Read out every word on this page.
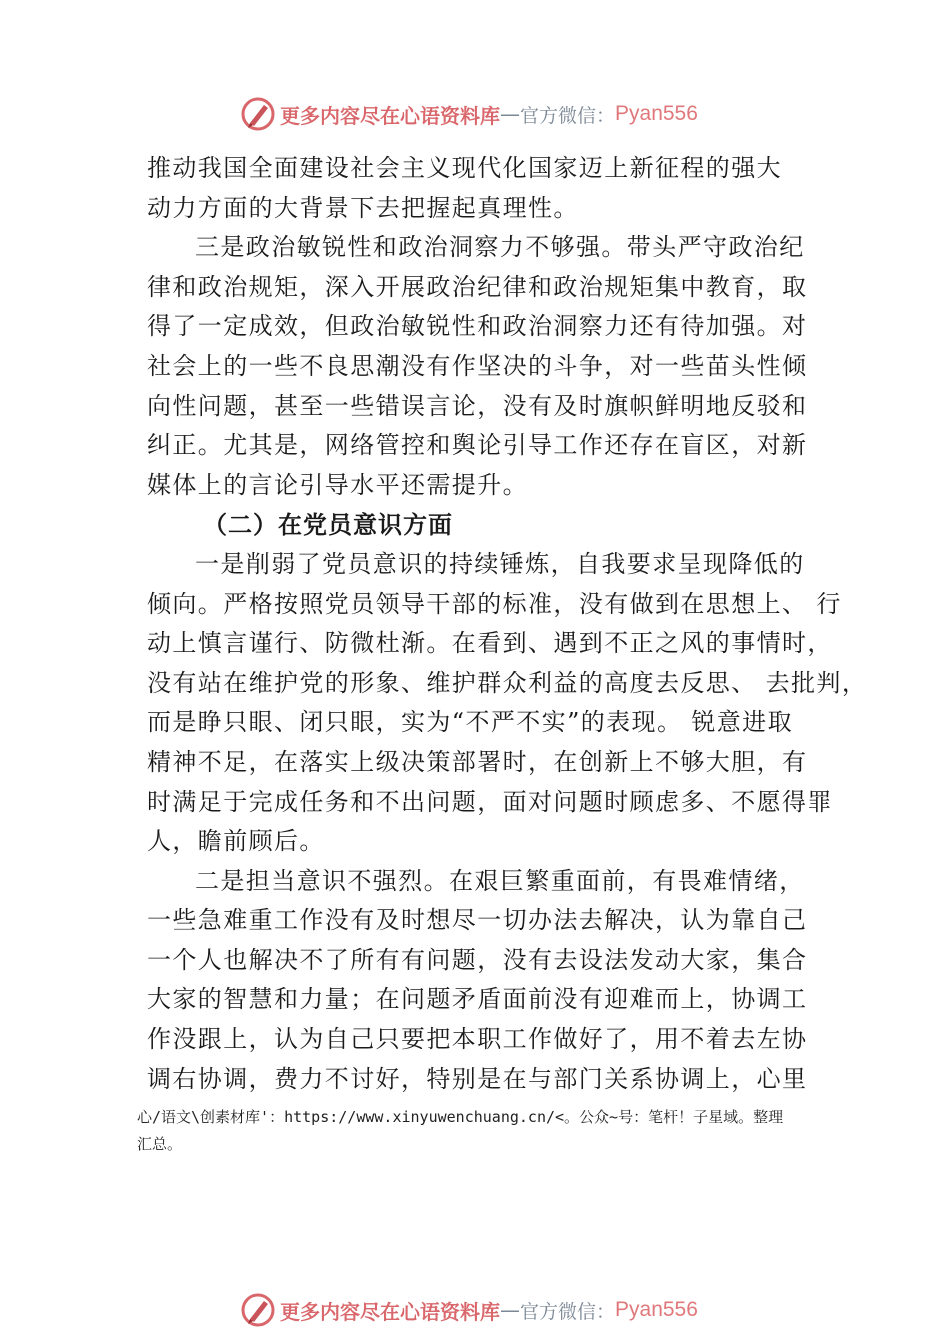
更多内容尽在心语资料库 — 官方微信： Pyan556
推动我国全面建设社会主义现代化国家迈上新征程的强大
动力方面的大背景下去把握起真理性。
三是政治敏锐性和政治洞察力不够强。带头严守政治纪
律和政治规矩，深入开展政治纪律和政治规矩集中教育，取
得了一定成效，但政治敏锐性和政治洞察力还有待加强。对
社会上的一些不良思潮没有作坚决的斗争，对一些苗头性倾
向性问题，甚至一些错误言论，没有及时旗帜鲜明地反驳和
纠正。尤其是，网络管控和舆论引导工作还存在盲区，对新
媒体上的言论引导水平还需提升。
（二）在党员意识方面
一是削弱了党员意识的持续锤炼，自我要求呈现降低的
倾向。严格按照党员领导干部的标准，没有做到在思想上、 行
动上慎言谨行、防微杜渐。在看到、遇到不正之风的事情时，
没有站在维护党的形象、维护群众利益的高度去反思、 去批判，
而是睁只眼、闭只眼，实为“不严不实”的表现。 锐意进取
精神不足，在落实上级决策部署时，在创新上不够大胆，有
时满足于完成任务和不出问题，面对问题时顾虑多、不愿得罪
人，瞻前顾后。
二是担当意识不强烈。在艰巨繁重面前，有畏难情绪，
一些急难重工作没有及时想尽一切办法去解决，认为靠自己
一个人也解决不了所有有问题，没有去设法发动大家，集合
大家的智慧和力量；在问题矛盾面前没有迎难而上，协调工
作没跟上，认为自己只要把本职工作做好了，用不着去左协
调右协调，费力不讨好，特别是在与部门关系协调上，心里
心/语文\创素材库'：https://www.xinyuwenchuang.cn/<。公众~号：笔杆！子星域。整理
汇总。
更多内容尽在心语资料库 — 官方微信： Pyan556
